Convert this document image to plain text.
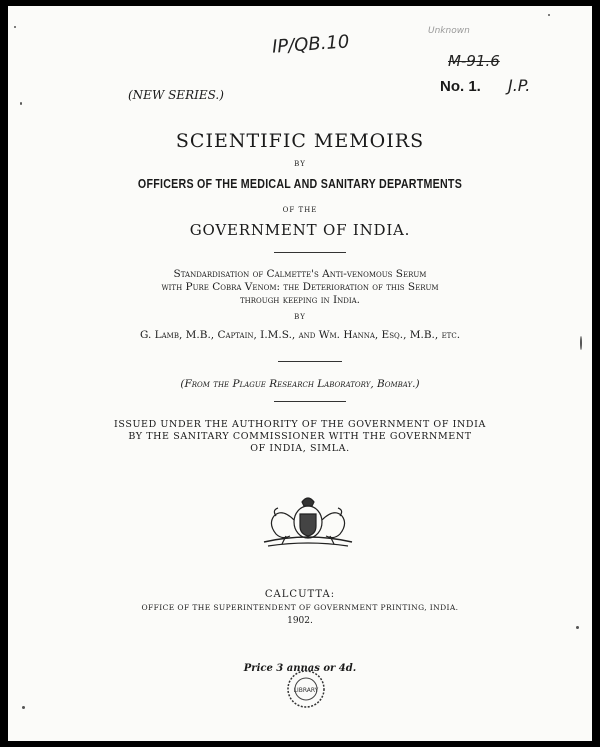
IP/QB.10
Unknown
M-91.6
J.P.
(NEW SERIES.)	No. 1.
SCIENTIFIC MEMOIRS
BY
OFFICERS OF THE MEDICAL AND SANITARY DEPARTMENTS
OF THE
GOVERNMENT OF INDIA.
Standardisation of Calmette's Anti-venomous Serum
with Pure Cobra Venom: the Deterioration of this Serum
through keeping in India.
BY
G. Lamb, M.B., Captain, I.M.S., and Wm. Hanna, Esq., M.B., etc.
(From the Plague Research Laboratory, Bombay.)
ISSUED UNDER THE AUTHORITY OF THE GOVERNMENT OF INDIA
BY THE SANITARY COMMISSIONER WITH THE GOVERNMENT
OF INDIA, SIMLA.
CALCUTTA:
OFFICE OF THE SUPERINTENDENT OF GOVERNMENT PRINTING, INDIA.
1902.
Price 3 annas or 4d.
LIBRARY
